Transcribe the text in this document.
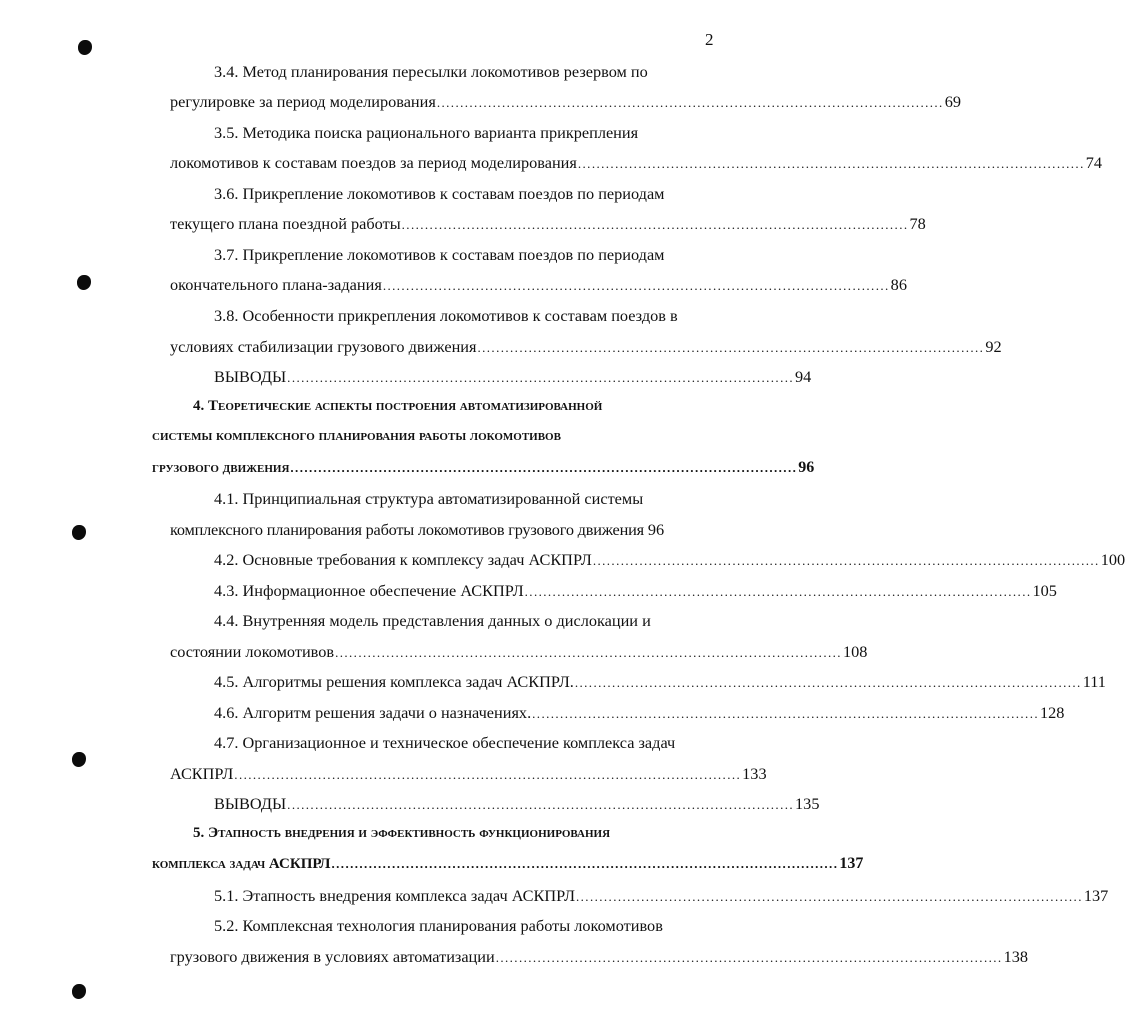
2
3.4. Метод планирования пересылки локомотивов резервом по
регулировке за период моделирования ............................................................................................................. 69
3.5. Методика поиска рационального варианта прикрепления
локомотивов к составам поездов за период моделирования ............................................................................................................. 74
3.6. Прикрепление локомотивов к составам поездов по периодам
текущего плана поездной работы ............................................................................................................. 78
3.7. Прикрепление локомотивов к составам поездов по периодам
окончательного плана-задания ............................................................................................................. 86
3.8. Особенности прикрепления локомотивов к составам поездов в
условиях стабилизации грузового движения ............................................................................................................. 92
ВЫВОДЫ ............................................................................................................. 94
4. Теоретические аспекты построения автоматизированной
системы комплексного планирования работы локомотивов
грузового движения ............................................................................................................. 96
4.1. Принципиальная структура автоматизированной системы
комплексного планирования работы локомотивов грузового движения 96
4.2. Основные требования к комплексу задач АСКПРЛ ............................................................................................................. 100
4.3. Информационное обеспечение АСКПРЛ ............................................................................................................. 105
4.4. Внутренняя модель представления данных о дислокации и
состоянии локомотивов ............................................................................................................. 108
4.5. Алгоритмы решения комплекса задач АСКПРЛ. ............................................................................................................. 111
4.6. Алгоритм решения задачи о назначениях. ............................................................................................................. 128
4.7. Организационное и техническое обеспечение комплекса задач
АСКПРЛ ............................................................................................................. 133
ВЫВОДЫ ............................................................................................................. 135
5. Этапность внедрения и эффективность функционирования
комплекса задач АСКПРЛ ............................................................................................................. 137
5.1. Этапность внедрения комплекса задач АСКПРЛ ............................................................................................................. 137
5.2. Комплексная технология планирования работы локомотивов
грузового движения в условиях автоматизации ............................................................................................................. 138
